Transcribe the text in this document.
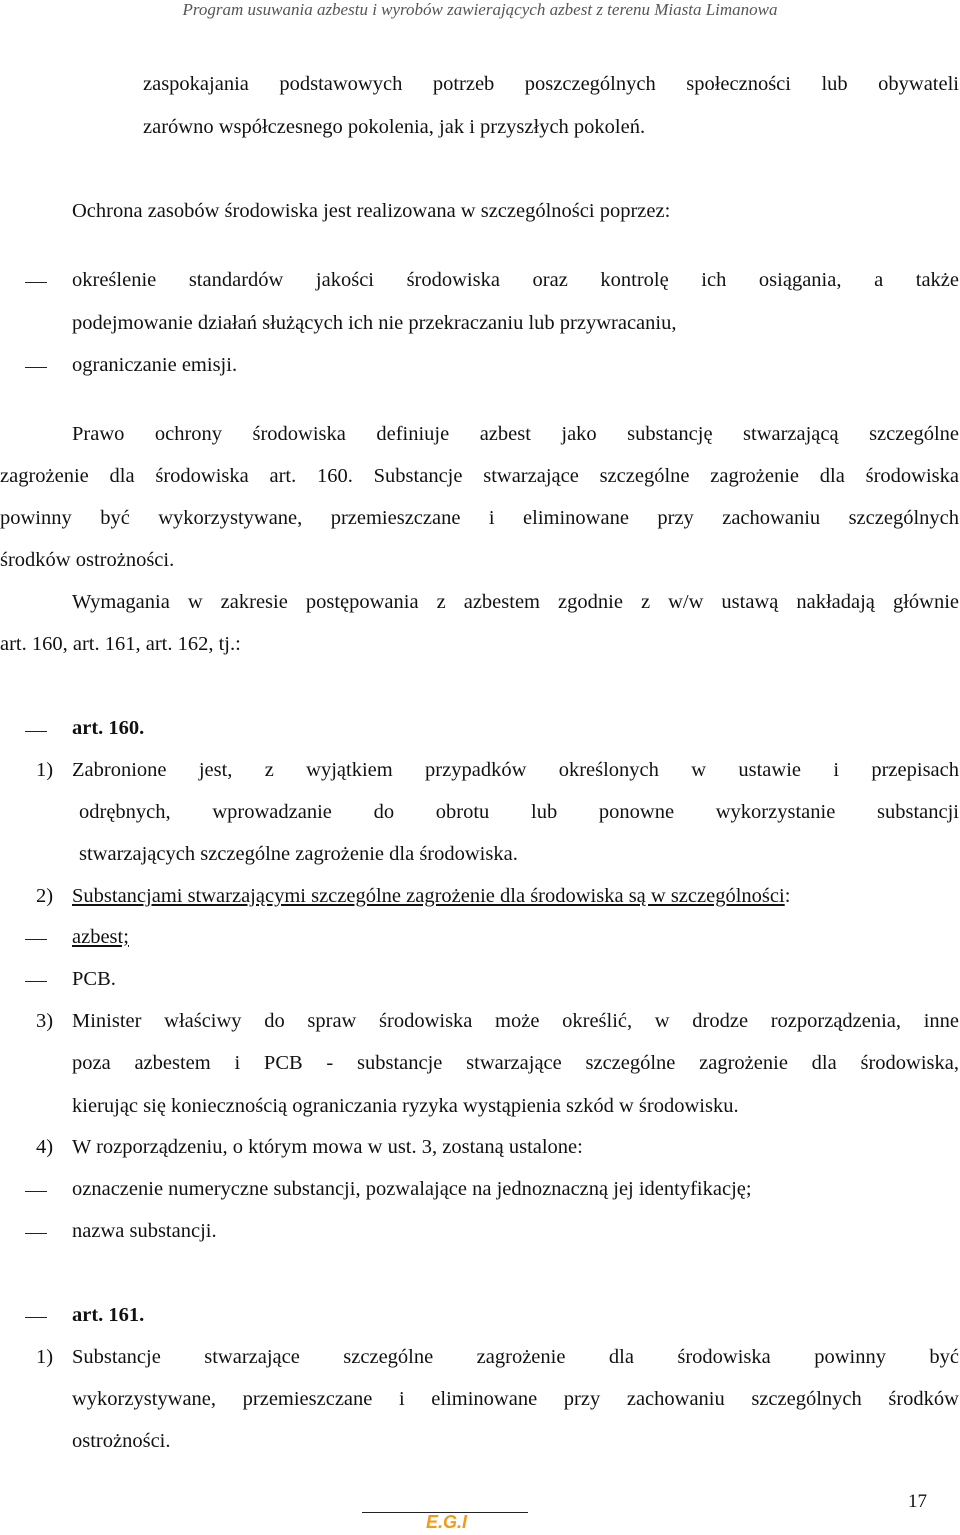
Program usuwania azbestu i wyrobów zawierających azbest z terenu Miasta Limanowa
zaspokajania podstawowych potrzeb poszczególnych społeczności lub obywateli
zarówno współczesnego pokolenia, jak i przyszłych pokoleń.
Ochrona zasobów środowiska jest realizowana w szczególności poprzez:
określenie standardów jakości środowiska oraz kontrolę ich osiągania, a także
podejmowanie działań służących ich nie przekraczaniu lub przywracaniu,
ograniczanie emisji.
Prawo ochrony środowiska definiuje azbest jako substancję stwarzającą szczególne
zagrożenie dla środowiska art. 160. Substancje stwarzające szczególne zagrożenie dla środowiska
powinny być wykorzystywane, przemieszczane i eliminowane przy zachowaniu szczególnych
środków ostrożności.
Wymagania w zakresie postępowania z azbestem zgodnie z w/w ustawą nakładają głównie
art. 160, art. 161, art. 162, tj.:
art. 160.
1) Zabronione jest, z wyjątkiem przypadków określonych w ustawie i przepisach
odrębnych, wprowadzanie do obrotu lub ponowne wykorzystanie substancji
stwarzających szczególne zagrożenie dla środowiska.
2) Substancjami stwarzającymi szczególne zagrożenie dla środowiska są w szczególności:
azbest;
PCB.
3) Minister właściwy do spraw środowiska może określić, w drodze rozporządzenia, inne
poza azbestem i PCB - substancje stwarzające szczególne zagrożenie dla środowiska,
kierując się koniecznością ograniczania ryzyka wystąpienia szkód w środowisku.
4) W rozporządzeniu, o którym mowa w ust. 3, zostaną ustalone:
oznaczenie numeryczne substancji, pozwalające na jednoznaczną jej identyfikację;
nazwa substancji.
art. 161.
1) Substancje stwarzające szczególne zagrożenie dla środowiska powinny być
wykorzystywane, przemieszczane i eliminowane przy zachowaniu szczególnych środków
ostrożności.
E.G.I
17
